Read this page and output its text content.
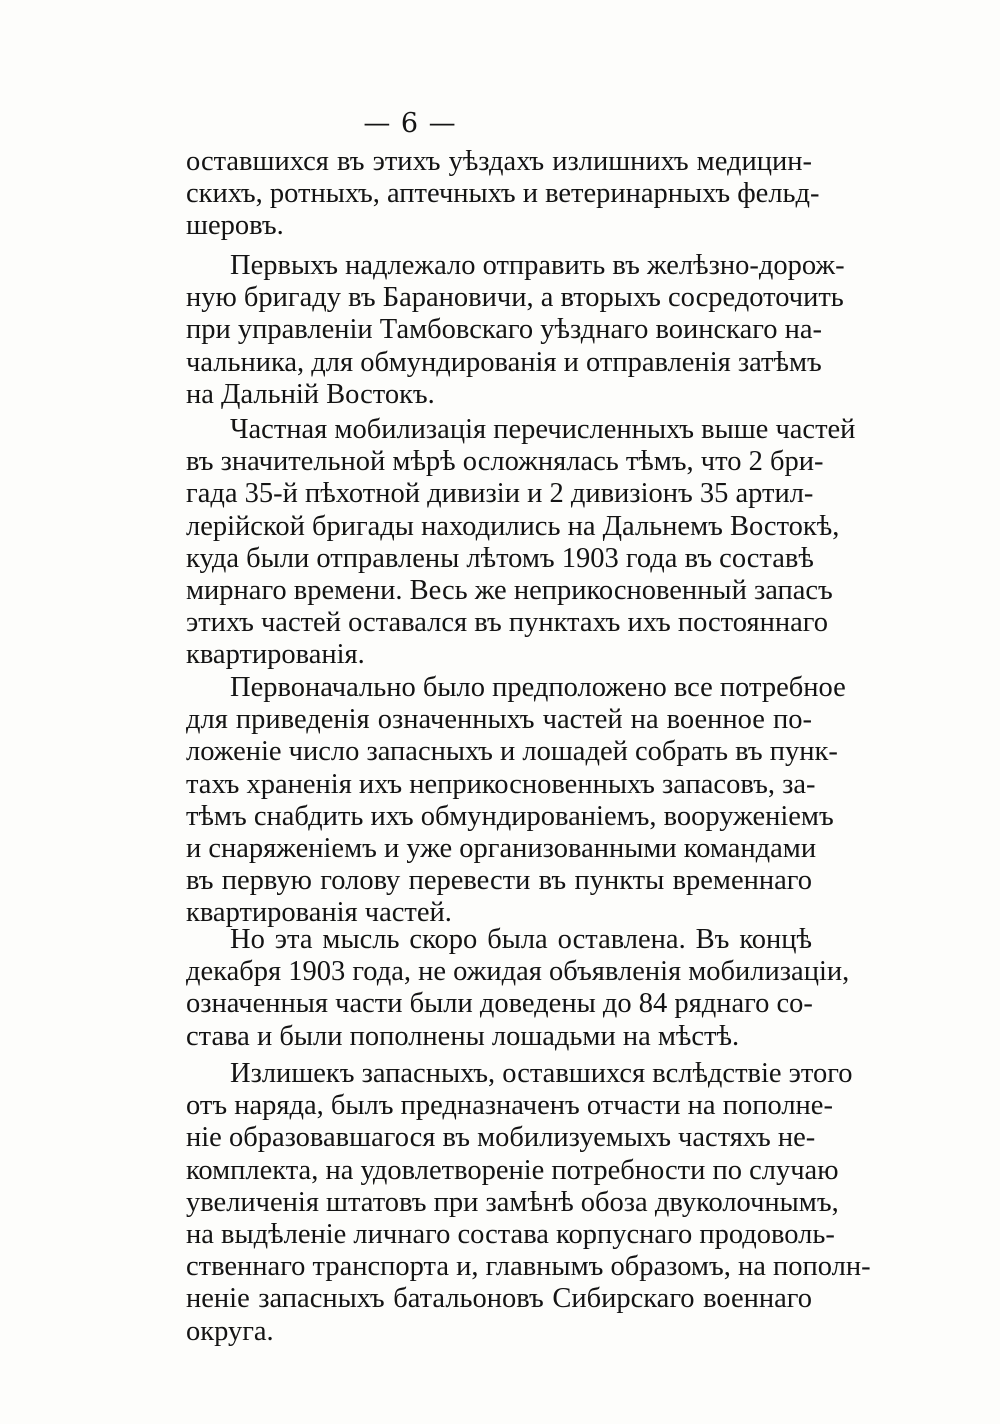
— 6 —
оставшихся въ этихъ уѣздахъ излишнихъ медицин-
скихъ, ротныхъ, аптечныхъ и ветеринарныхъ фельд-
шеровъ.
Первыхъ надлежало отправить въ желѣзно-дорож-
ную бригаду въ Барановичи, а вторыхъ сосредоточить
при управленіи Тамбовскаго уѣзднаго воинскаго на-
чальника, для обмундированія и отправленія затѣмъ
на Дальній Востокъ.
Частная мобилизація перечисленныхъ выше частей
въ значительной мѣрѣ осложнялась тѣмъ, что 2 бри-
гада 35-й пѣхотной дивизіи и 2 дивизіонъ 35 артил-
лерійской бригады находились на Дальнемъ Востокѣ,
куда были отправлены лѣтомъ 1903 года въ составѣ
мирнаго времени. Весь же неприкосновенный запасъ
этихъ частей оставался въ пунктахъ ихъ постояннаго
квартированія.
Первоначально было предположено все потребное
для приведенія означенныхъ частей на военное по-
ложеніе число запасныхъ и лошадей собрать въ пунк-
тахъ храненія ихъ неприкосновенныхъ запасовъ, за-
тѣмъ снабдить ихъ обмундированіемъ, вооруженіемъ
и снаряженіемъ и уже организованными командами
въ первую голову перевести въ пункты временнаго
квартированія частей.
Но эта мысль скоро была оставлена. Въ концѣ
декабря 1903 года, не ожидая объявленія мобилизаціи,
означенныя части были доведены до 84 ряднаго со-
става и были пополнены лошадьми на мѣстѣ.
Излишекъ запасныхъ, оставшихся вслѣдствіе этого
отъ наряда, былъ предназначенъ отчасти на пополне-
ніе образовавшагося въ мобилизуемыхъ частяхъ не-
комплекта, на удовлетвореніе потребности по случаю
увеличенія штатовъ при замѣнѣ обоза двуколочнымъ,
на выдѣленіе личнаго состава корпуснаго продоволь-
ственнаго транспорта и, главнымъ образомъ, на пополн-
неніе запасныхъ батальоновъ Сибирскаго военнаго
округа.
